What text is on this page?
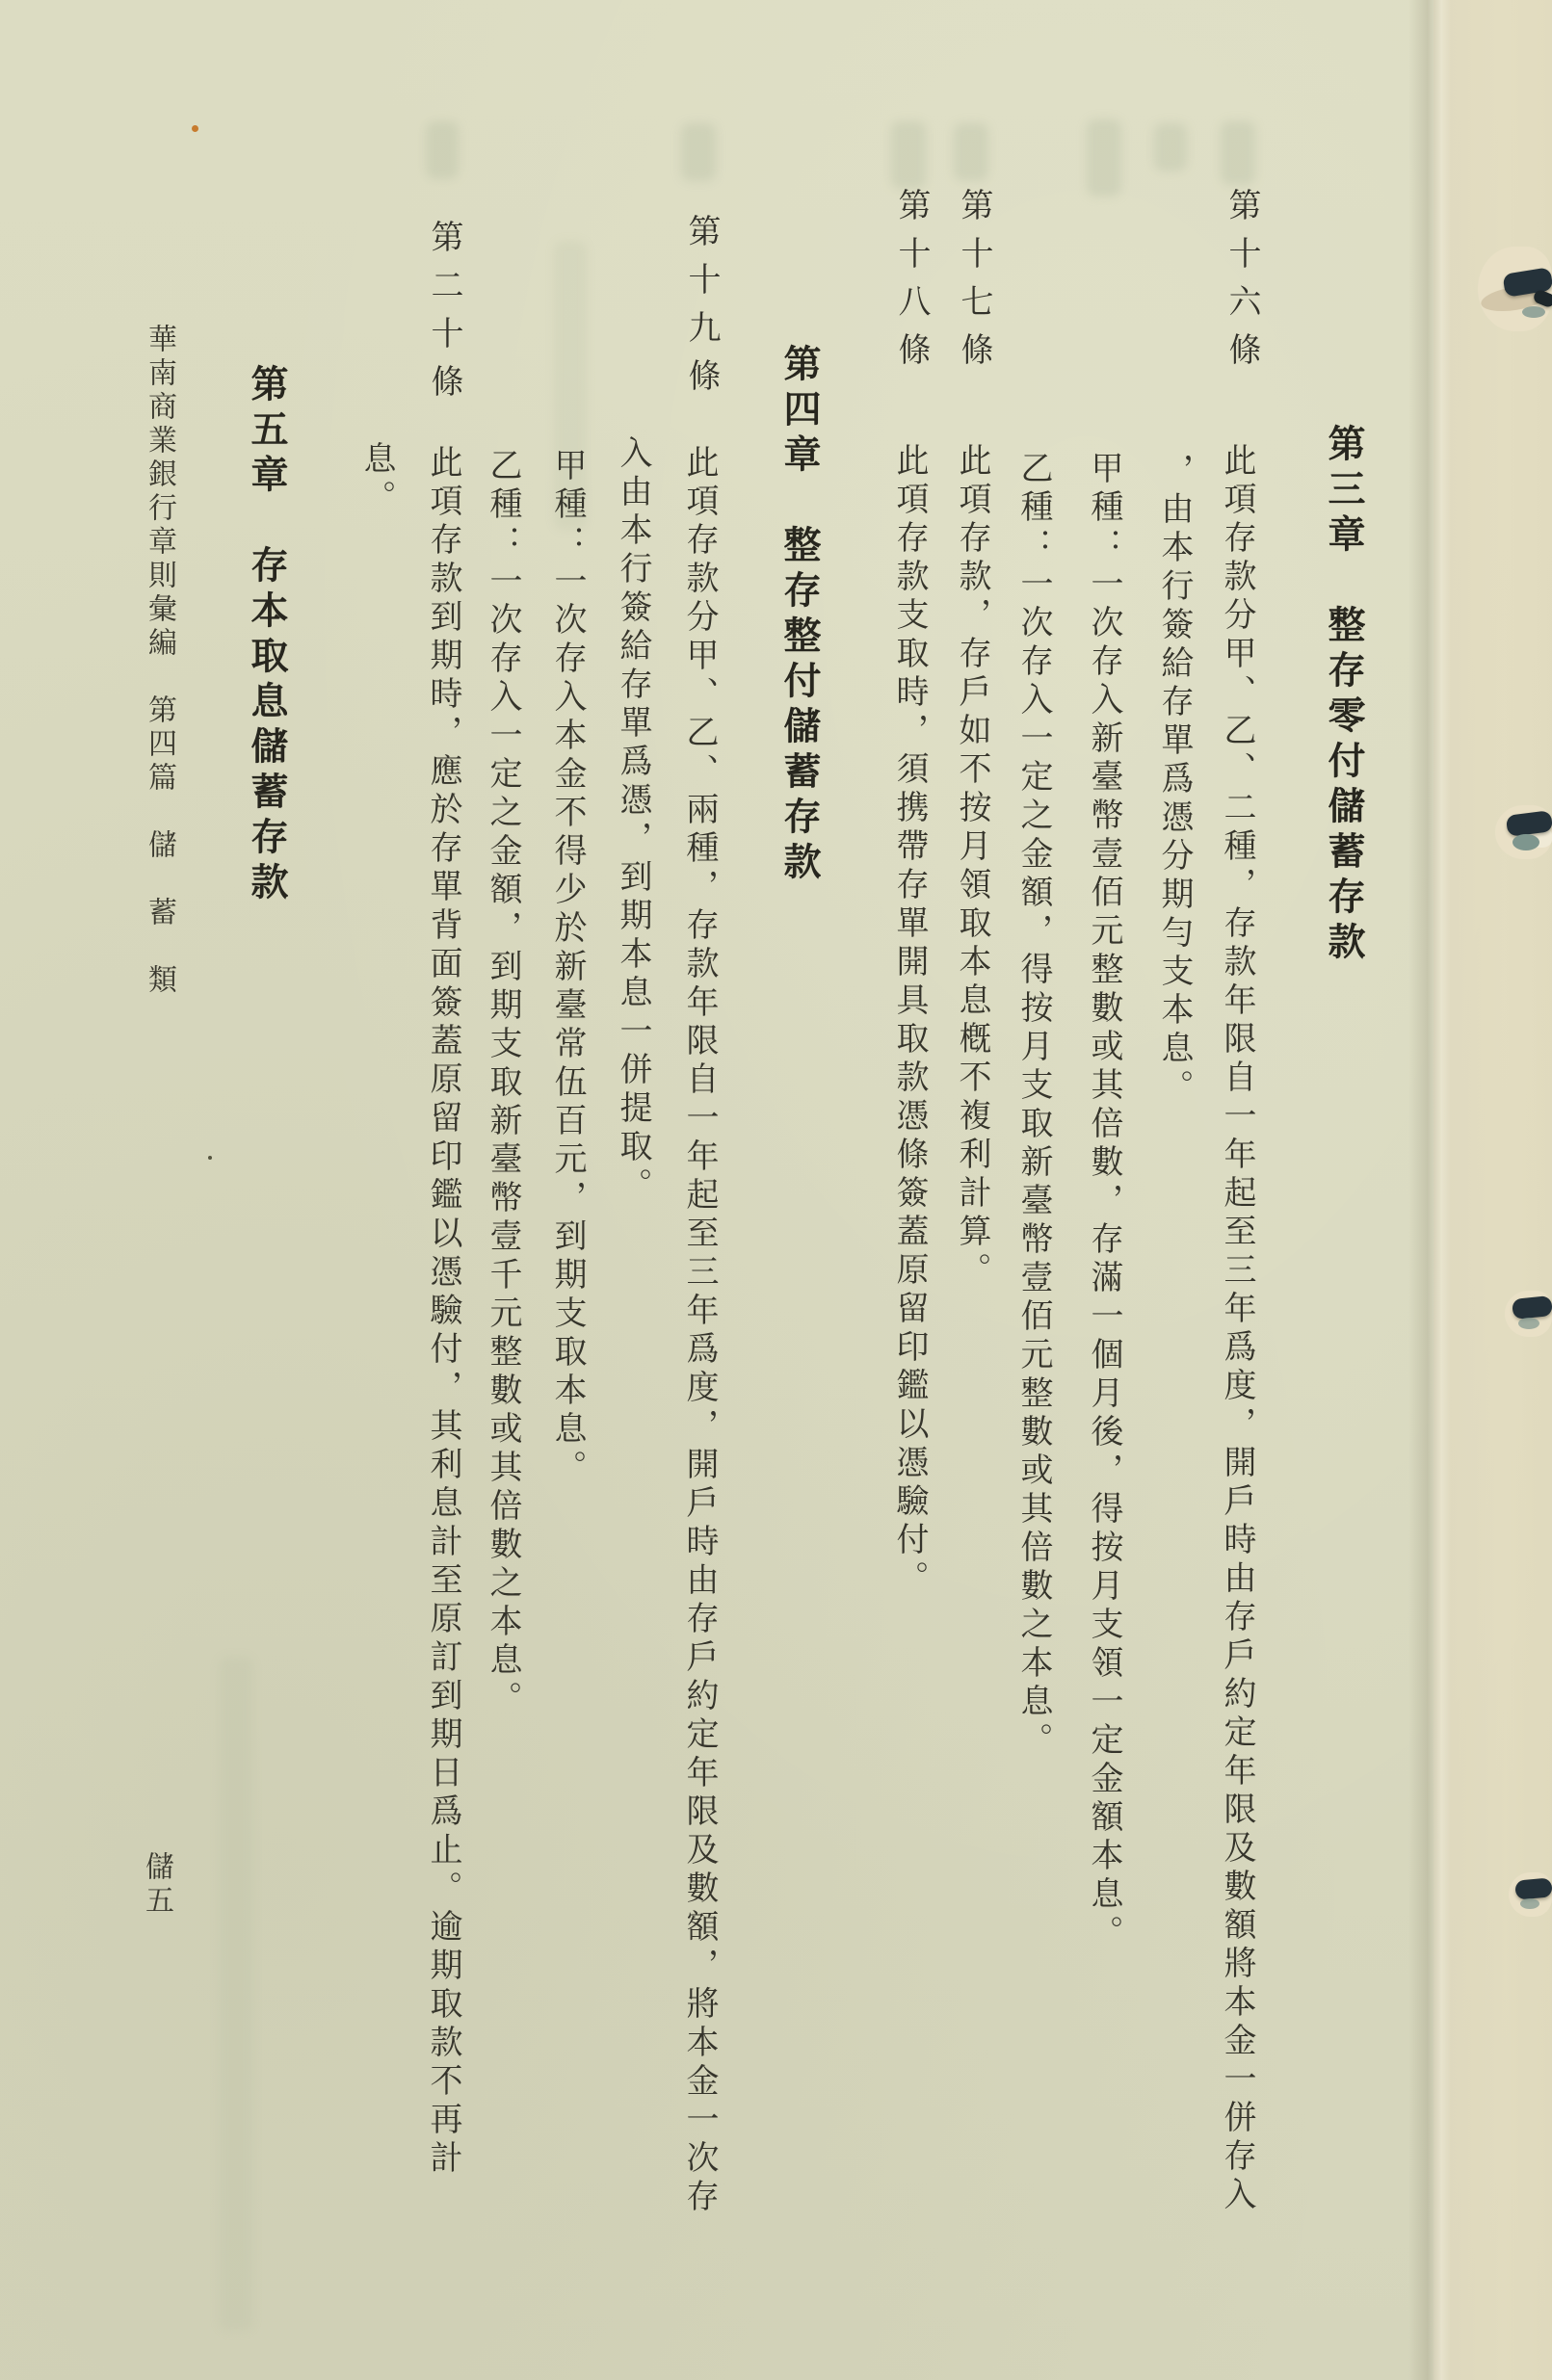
第三章　整存零付儲蓄存款
第十六條
此項存款分甲、乙、二種，存款年限自一年起至三年爲度，開戶時由存戶約定年限及數額將本金一併存入
，由本行簽給存單爲憑分期勻支本息。
甲種：一次存入新臺幣壹佰元整數或其倍數，存滿一個月後，得按月支領一定金額本息。
乙種：一次存入一定之金額，得按月支取新臺幣壹佰元整數或其倍數之本息。
第十七條
此項存款，存戶如不按月領取本息槪不複利計算。
第十八條
此項存款支取時，須携帶存單開具取款憑條簽蓋原留印鑑以憑驗付。
第四章　整存整付儲蓄存款
第十九條
此項存款分甲、乙、兩種，存款年限自一年起至三年爲度，開戶時由存戶約定年限及數額，將本金一次存
入由本行簽給存單爲憑，到期本息一併提取。
甲種：一次存入本金不得少於新臺常伍百元，到期支取本息。
乙種：一次存入一定之金額，到期支取新臺幣壹千元整數或其倍數之本息。
第二十條
此項存款到期時，應於存單背面簽蓋原留印鑑以憑驗付，其利息計至原訂到期日爲止。逾期取款不再計
息。
第五章　存本取息儲蓄存款
華南商業銀行章則彙編　第四篇　儲　蓄　類
儲五
